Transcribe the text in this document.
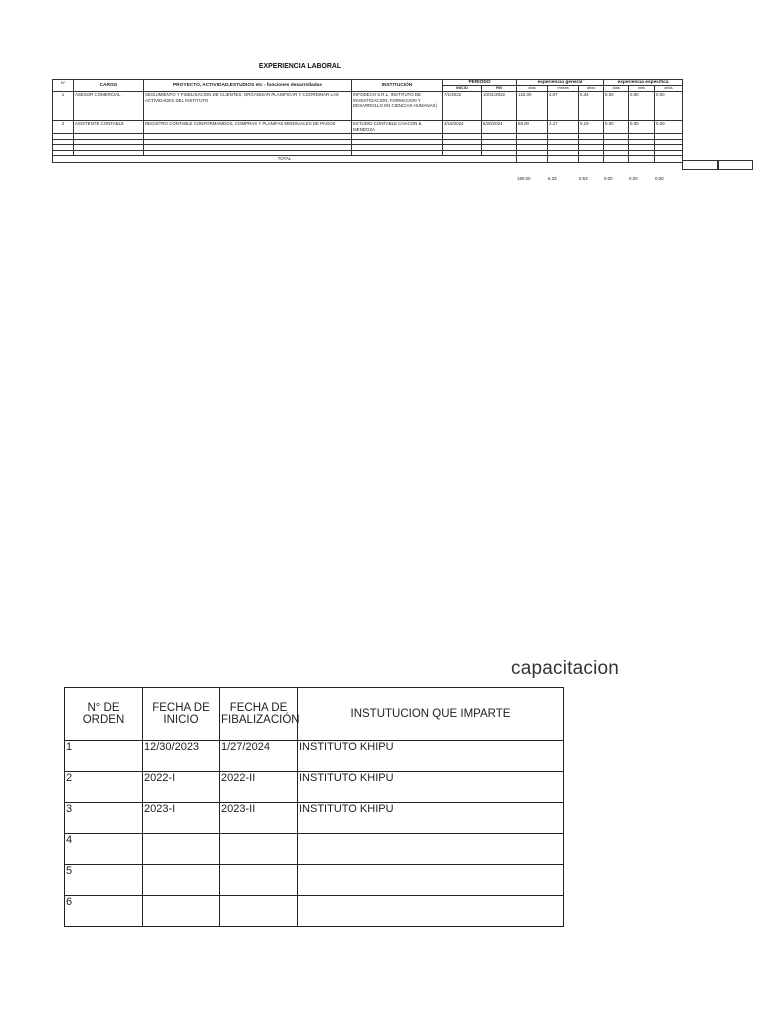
EXPERIENCIA LABORAL
N°	CARGO	PROYECTO, ACTIVIDAD,ESTUDIOS etc - funciones desarrolladas	INSTITUCIÓN	PERIODO		experiencia general			experiencia especifica		
				INICIO	FIN	días	meses	años	días	mes	años
1	ASESOR COMERCIAL	SEGUIMIENTO Y FIDELISACION DE CLIENTES, ORGANISAR PLANIFICAR Y COORDINAR LAS ACTIVIDADES DEL INSTITUTO	INFODECH S.R.L. INSTITUTO DE INVESTIGACION, FORMACION Y DESARROLLO EN CIENCIAS HUMANAS)	7/1/2022	10/31/2022	122.00	4.07	0.34	0.00	0.00	0.00
2	ASISTENTE CONTABLE	REGISTRO CONTABLE CONFORMAMDOS, COMPRAS Y PLANIFAS MENSUALES DE PAGOS	ESTUDIO CONTABLE CHACON & MENDOZA	3/16/2024	5/20/2024	68.00	2.27	0.19	0.00	0.00	0.00

TOTAL											
190.00	6.33	0.53	0.00	0.00	0.00
capacitacion
N° DE ORDEN	FECHA DE INICIO	FECHA DE FIBALIZACIÓN	INSTUTUCION QUE IMPARTE
1	12/30/2023	1/27/2024	INSTITUTO KHIPU
2	2022-I	2022-II	INSTITUTO KHIPU
3	2023-I	2023-II	INSTITUTO KHIPU
4			
5			
6			
